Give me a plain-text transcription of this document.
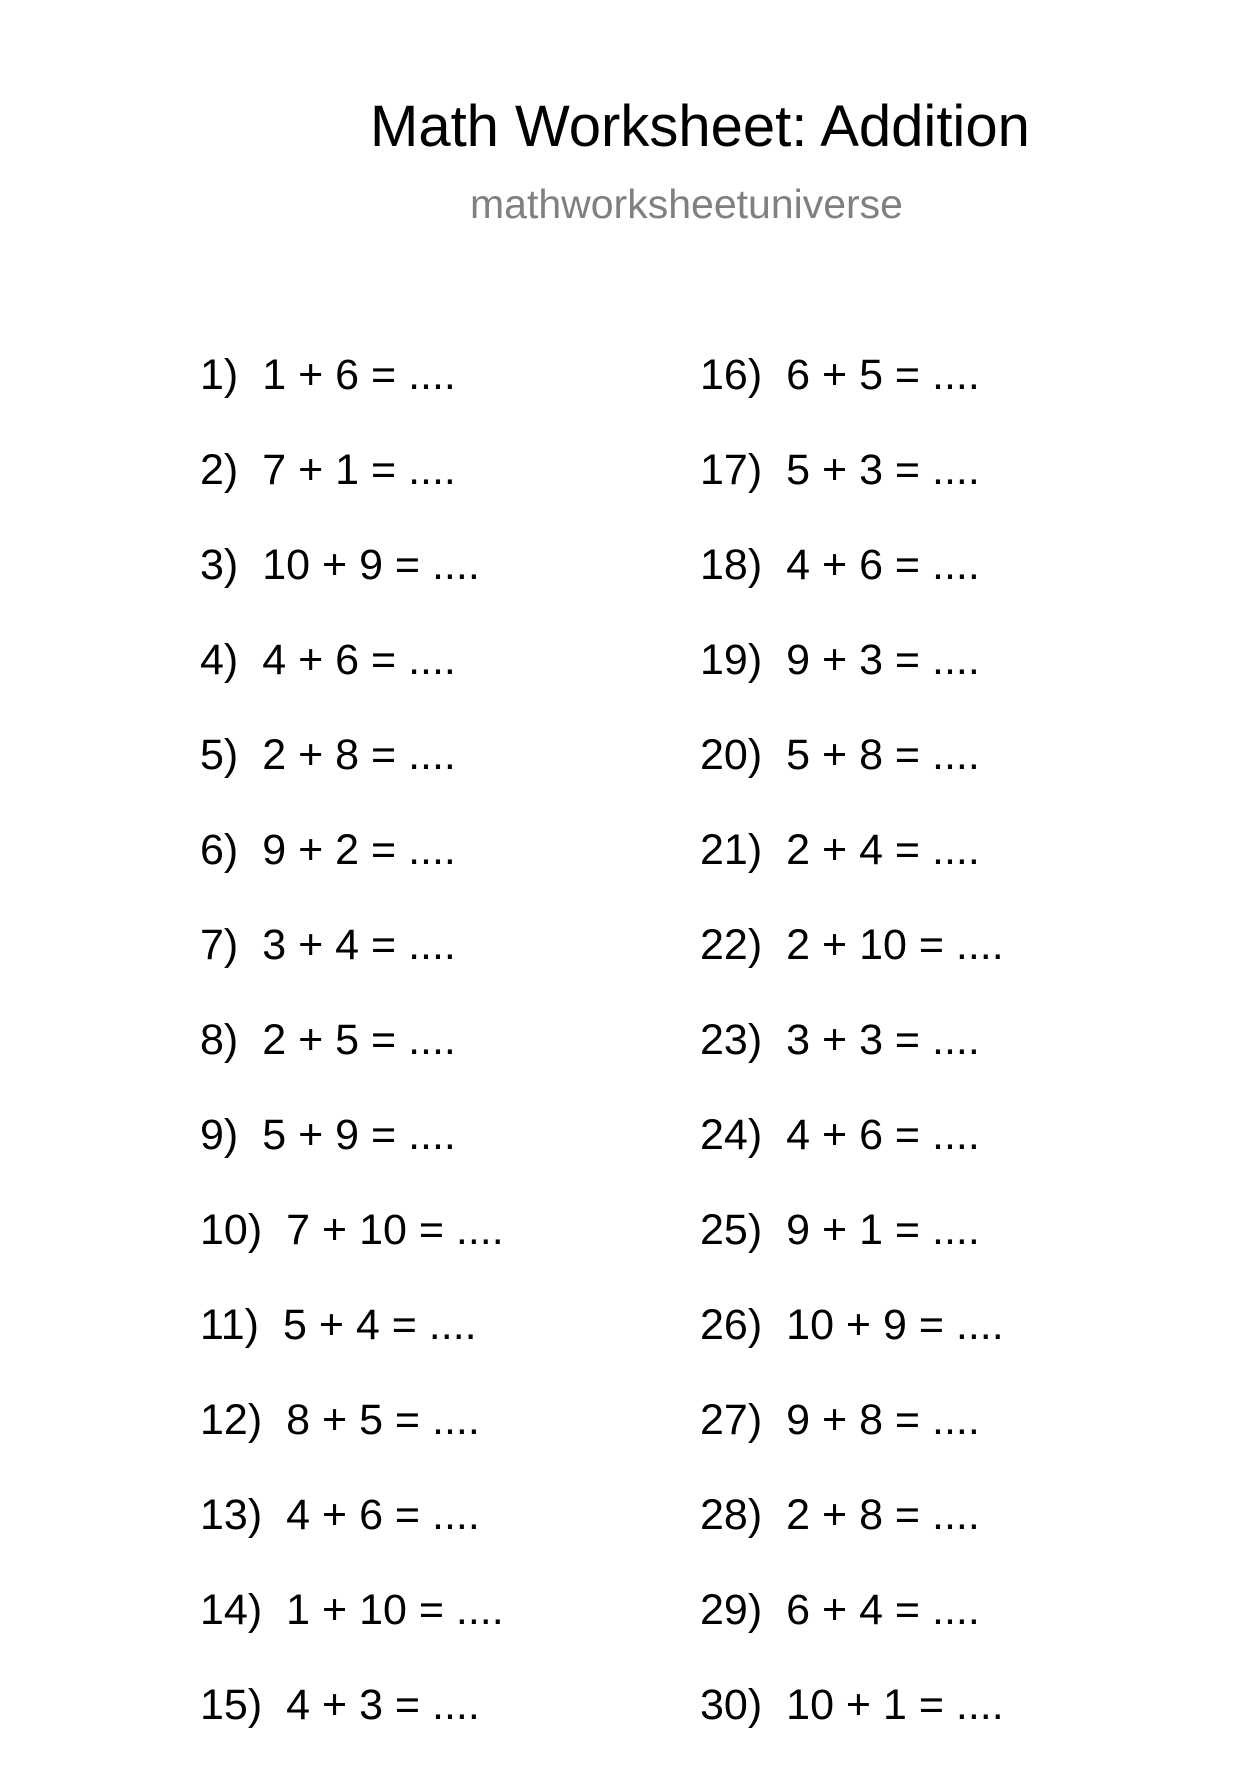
Math Worksheet: Addition
mathworksheetuniverse
1) 1 + 6 = ....
2) 7 + 1 = ....
3) 10 + 9 = ....
4) 4 + 6 = ....
5) 2 + 8 = ....
6) 9 + 2 = ....
7) 3 + 4 = ....
8) 2 + 5 = ....
9) 5 + 9 = ....
10) 7 + 10 = ....
11) 5 + 4 = ....
12) 8 + 5 = ....
13) 4 + 6 = ....
14) 1 + 10 = ....
15) 4 + 3 = ....
16) 6 + 5 = ....
17) 5 + 3 = ....
18) 4 + 6 = ....
19) 9 + 3 = ....
20) 5 + 8 = ....
21) 2 + 4 = ....
22) 2 + 10 = ....
23) 3 + 3 = ....
24) 4 + 6 = ....
25) 9 + 1 = ....
26) 10 + 9 = ....
27) 9 + 8 = ....
28) 2 + 8 = ....
29) 6 + 4 = ....
30) 10 + 1 = ....
